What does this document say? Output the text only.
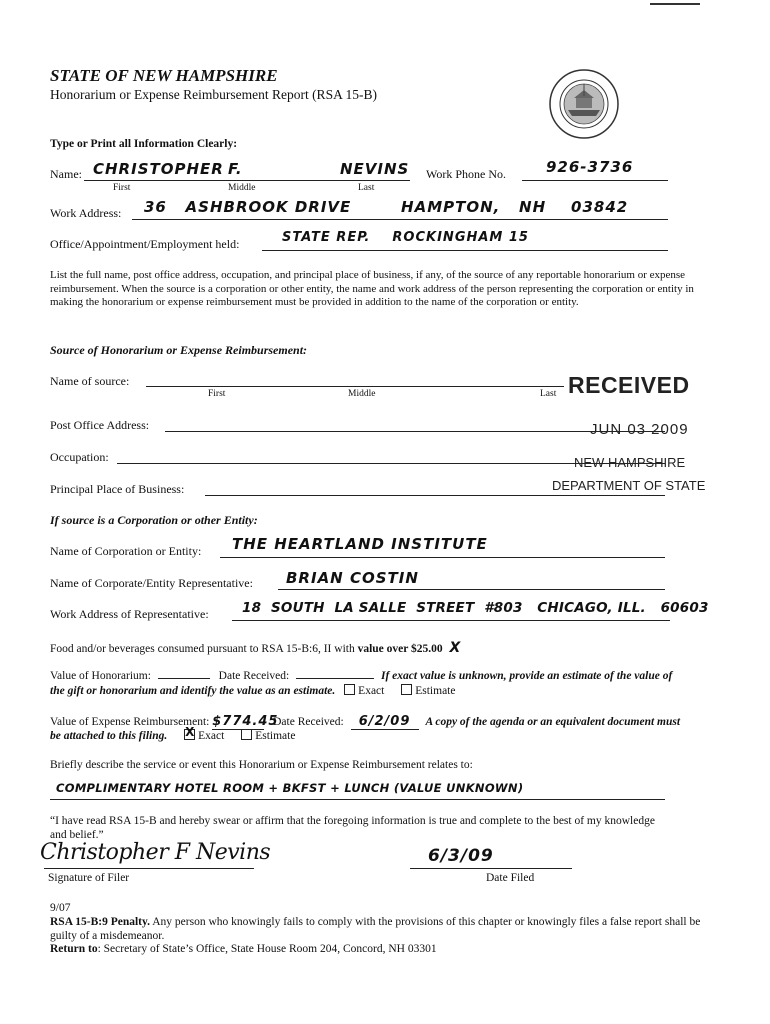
STATE OF NEW HAMPSHIRE
Honorarium or Expense Reimbursement Report (RSA 15-B)
Type or Print all Information Clearly:
Name: CHRISTOPHER F.	NEVINS
First	Middle	Last
Work Phone No.	926-3736
Work Address: 36   ASHBROOK DRIVE        HAMPTON,   NH    03842
Office/Appointment/Employment held:	STATE REP.    ROCKINGHAM 15
List the full name, post office address, occupation, and principal place of business, if any, of the source of any reportable honorarium or expense reimbursement. When the source is a corporation or other entity, the name and work address of the person representing the corporation or entity in making the honorarium or expense reimbursement must be provided in addition to the name of the corporation or entity.
Source of Honorarium or Expense Reimbursement:
Name of source:
First	Middle	Last
Post Office Address:
Occupation:
Principal Place of Business:
RECEIVED
JUN 03 2009
NEW HAMPSHIRE
DEPARTMENT OF STATE
If source is a Corporation or other Entity:
Name of Corporation or Entity: THE HEARTLAND INSTITUTE
Name of Corporate/Entity Representative: BRIAN COSTIN
Work Address of Representative: 18  SOUTH  LA SALLE  STREET  #803   CHICAGO, ILL.   60603
Food and/or beverages consumed pursuant to RSA 15-B:6, II with value over $25.00 X
Value of Honorarium:	Date Received:	If exact value is unknown, provide an estimate of the value of
the gift or honorarium and identify the value as an estimate. Exact	Estimate
Value of Expense Reimbursement: $774.45 Date Received: 6/2/09 A copy of the agenda or an equivalent document must
be attached to this filing. X	Exact	Estimate
Briefly describe the service or event this Honorarium or Expense Reimbursement relates to:
COMPLIMENTARY HOTEL ROOM + BKFST + LUNCH (VALUE UNKNOWN)
“I have read RSA 15-B and hereby swear or affirm that the foregoing information is true and complete to the best of my knowledge
and belief.”
Christopher F Nevins
Signature of Filer
6/3/09
Date Filed
9/07
RSA 15-B:9 Penalty. Any person who knowingly fails to comply with the provisions of this chapter or knowingly files a false report shall be guilty of a misdemeanor.
Return to: Secretary of State’s Office, State House Room 204, Concord, NH 03301
